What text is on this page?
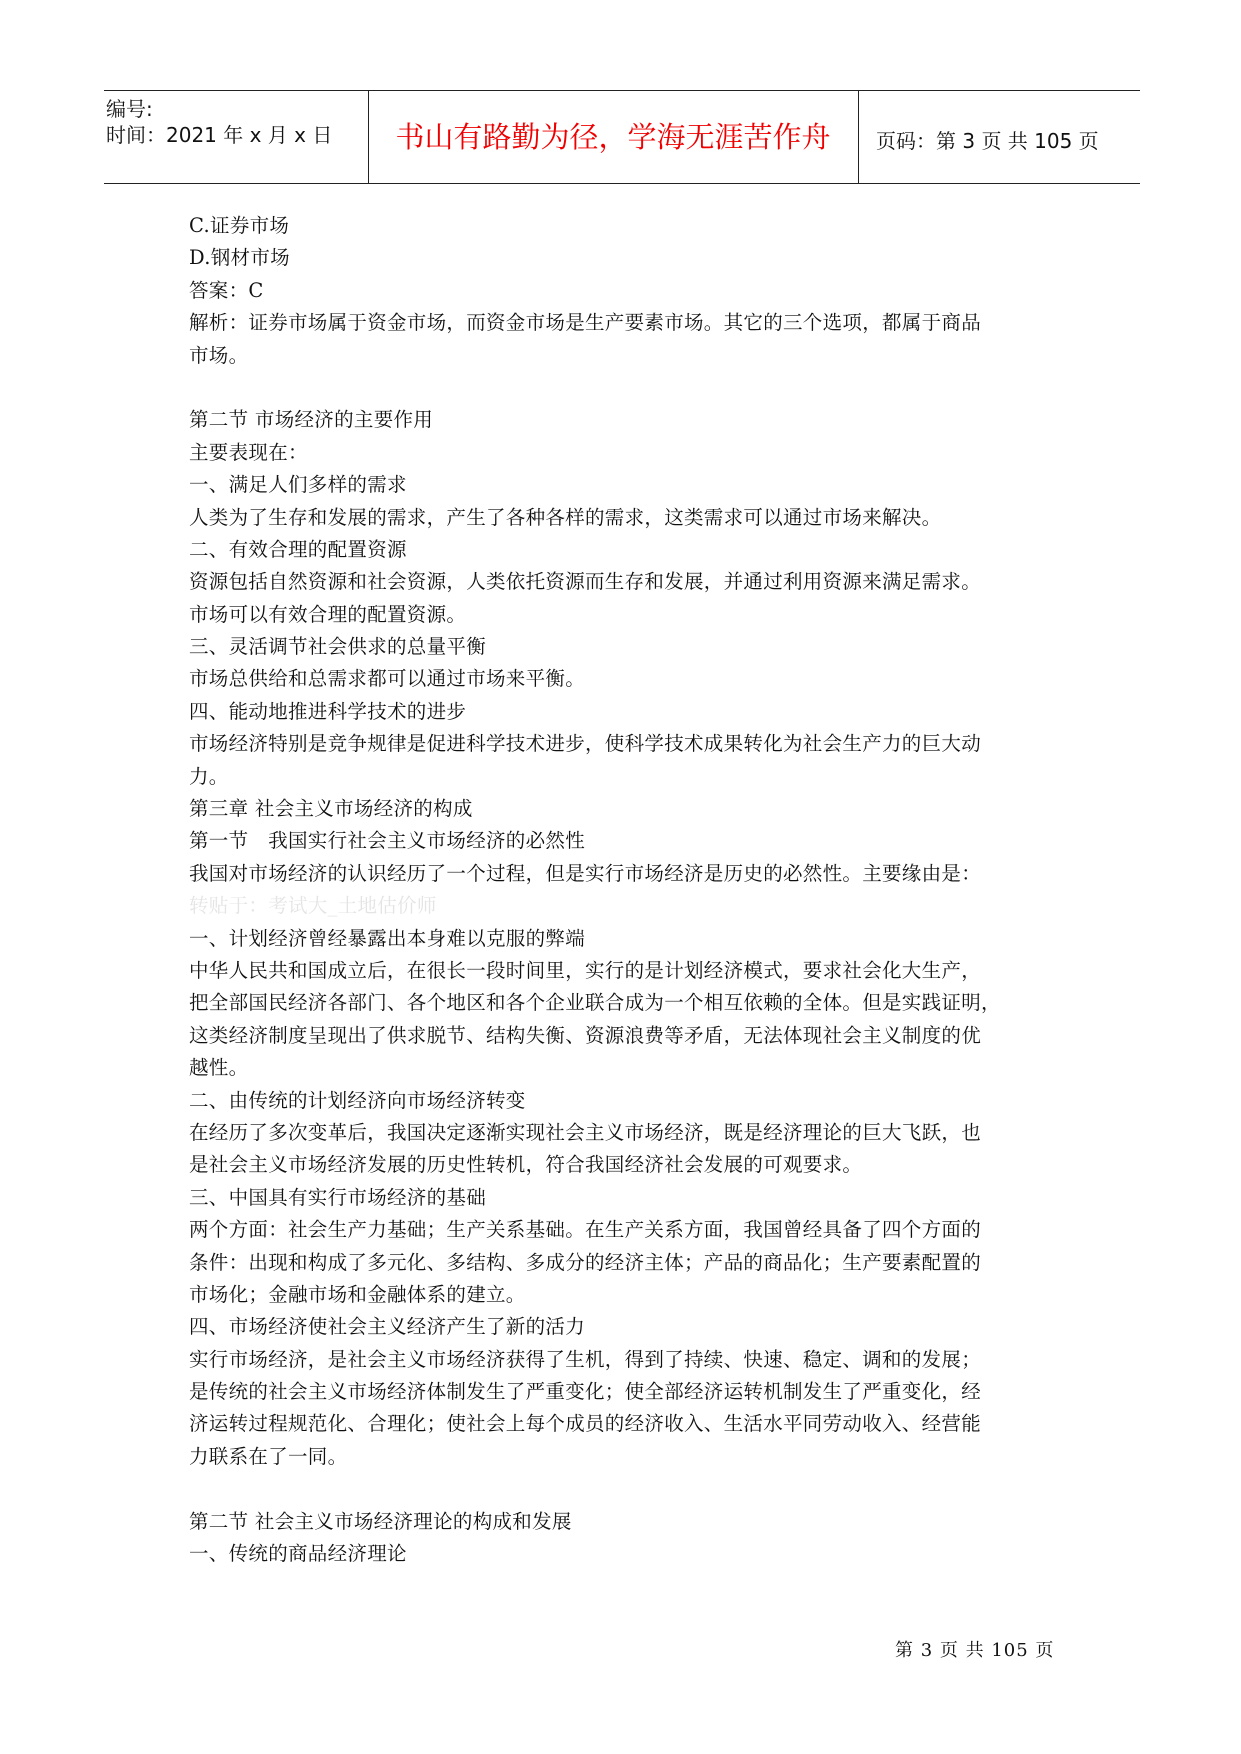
编号:
时间：2021 年 x 月 x 日	书山有路勤为径，学海无涯苦作舟	页码：第 3 页 共 105 页
C.证券市场
D.钢材市场
答案：C
解析：证券市场属于资金市场，而资金市场是生产要素市场。其它的三个选项，都属于商品
市场。
第二节 市场经济的主要作用
主要表现在：
一、满足人们多样的需求
人类为了生存和发展的需求，产生了各种各样的需求，这类需求可以通过市场来解决。
二、有效合理的配置资源
资源包括自然资源和社会资源，人类依托资源而生存和发展，并通过利用资源来满足需求。
市场可以有效合理的配置资源。
三、灵活调节社会供求的总量平衡
市场总供给和总需求都可以通过市场来平衡。
四、能动地推进科学技术的进步
市场经济特别是竞争规律是促进科学技术进步，使科学技术成果转化为社会生产力的巨大动
力。
第三章 社会主义市场经济的构成
第一节　我国实行社会主义市场经济的必然性
我国对市场经济的认识经历了一个过程，但是实行市场经济是历史的必然性。主要缘由是：
转贴于：考试大_土地估价师
一、计划经济曾经暴露出本身难以克服的弊端
中华人民共和国成立后，在很长一段时间里，实行的是计划经济模式，要求社会化大生产，
把全部国民经济各部门、各个地区和各个企业联合成为一个相互依赖的全体。但是实践证明，
这类经济制度呈现出了供求脱节、结构失衡、资源浪费等矛盾，无法体现社会主义制度的优
越性。
二、由传统的计划经济向市场经济转变
在经历了多次变革后，我国决定逐渐实现社会主义市场经济，既是经济理论的巨大飞跃，也
是社会主义市场经济发展的历史性转机，符合我国经济社会发展的可观要求。
三、中国具有实行市场经济的基础
两个方面：社会生产力基础；生产关系基础。在生产关系方面，我国曾经具备了四个方面的
条件：出现和构成了多元化、多结构、多成分的经济主体；产品的商品化；生产要素配置的
市场化；金融市场和金融体系的建立。
四、市场经济使社会主义经济产生了新的活力
实行市场经济，是社会主义市场经济获得了生机，得到了持续、快速、稳定、调和的发展；
是传统的社会主义市场经济体制发生了严重变化；使全部经济运转机制发生了严重变化，经
济运转过程规范化、合理化；使社会上每个成员的经济收入、生活水平同劳动收入、经营能
力联系在了一同。
第二节 社会主义市场经济理论的构成和发展
一、传统的商品经济理论
第 3 页 共 105 页
